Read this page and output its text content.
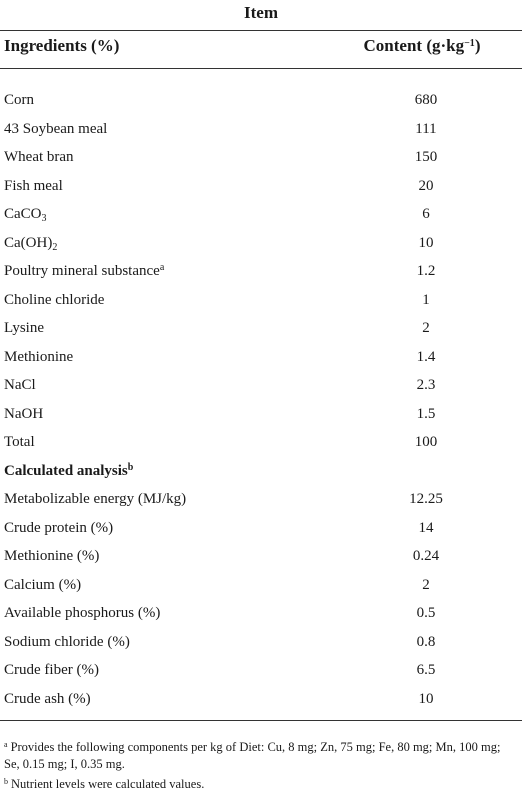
Item
Ingredients (%)	Content $(g\cdot kg^{-1})$
Corn	680
43 Soybean meal	111
Wheat bran	150
Fish meal	20
CaCO$_3$	6
$Ca(OH)_2$	10
Poultry mineral substance$^a$	1.2
Choline chloride	1
Lysine	2
Methionine	1.4
NaCl	2.3
NaOH	1.5
Total	100
Calculated analysis$^b$
Metabolizable energy (MJ/kg)	12.25
Crude protein (%)	14
Methionine (%)	0.24
Calcium (%)	2
Available phosphorus (%)	0.5
Sodium chloride (%)	0.8
Crude fiber (%)	6.5
Crude ash (%)	10

$^a$ Provides the following components per kg of Diet: Cu, 8 mg; Zn, 75 mg; Fe, 80 mg; Mn, 100 mg; Se, 0.15 mg; I, 0.35 mg.

$^b$ Nutrient levels were calculated values.
